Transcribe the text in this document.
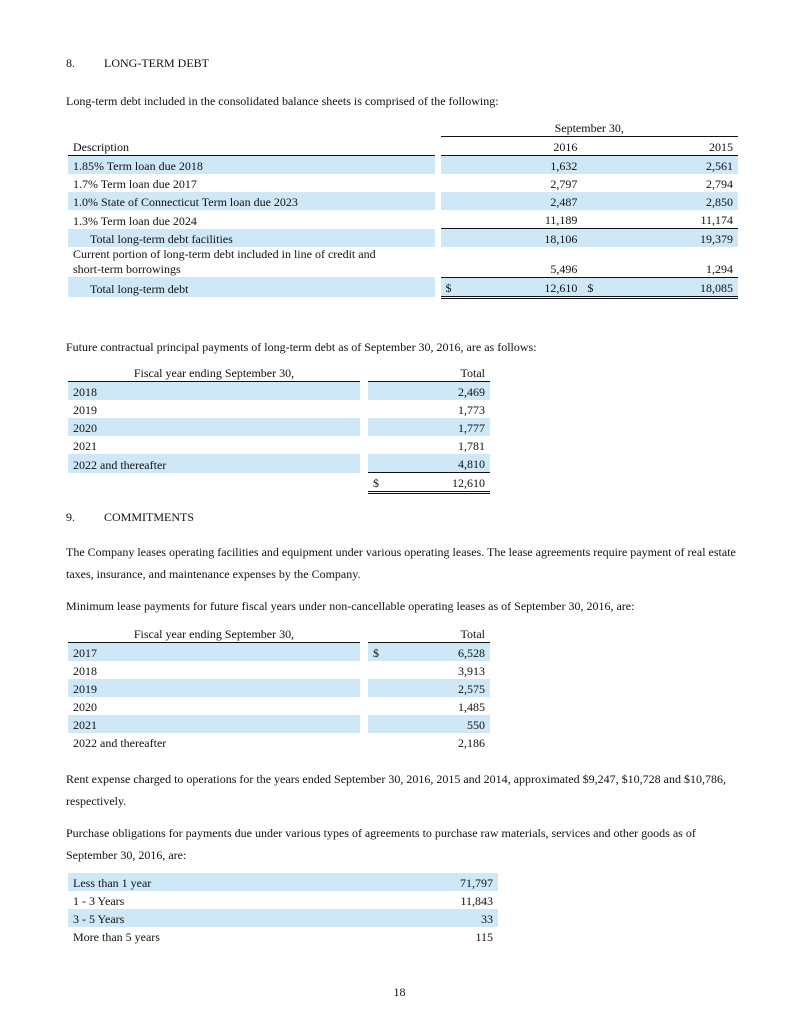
8. LONG-TERM DEBT
Long-term debt included in the consolidated balance sheets is comprised of the following:
		September 30,			
Description			2016		2015
1.85% Term loan due 2018			1,632		2,561
1.7% Term loan due 2017			2,797		2,794
1.0% State of Connecticut Term loan due 2023			2,487		2,850
1.3% Term loan due 2024			11,189		11,174
Total long-term debt facilities			18,106		19,379
Current portion of long-term debt included in line of credit and
short-term borrowings			5,496		1,294
Total long-term debt		$	12,610	$	18,085
Future contractual principal payments of long-term debt as of September 30, 2016, are as follows:
Fiscal year ending September 30,			Total
2018			2,469
2019			1,773
2020			1,777
2021			1,781
2022 and thereafter			4,810
		$	12,610
9. COMMITMENTS
The Company leases operating facilities and equipment under various operating leases. The lease agreements require payment of real estate taxes, insurance, and maintenance expenses by the Company.
Minimum lease payments for future fiscal years under non-cancellable operating leases as of September 30, 2016, are:
Fiscal year ending September 30,			Total
2017		$	6,528
2018			3,913
2019			2,575
2020			1,485
2021			550
2022 and thereafter			2,186
Rent expense charged to operations for the years ended September 30, 2016, 2015 and 2014, approximated $9,247, $10,728 and $10,786, respectively.
Purchase obligations for payments due under various types of agreements to purchase raw materials, services and other goods as of September 30, 2016, are:
Less than 1 year	71,797
1 - 3 Years	11,843
3 - 5 Years	33
More than 5 years	115
18
